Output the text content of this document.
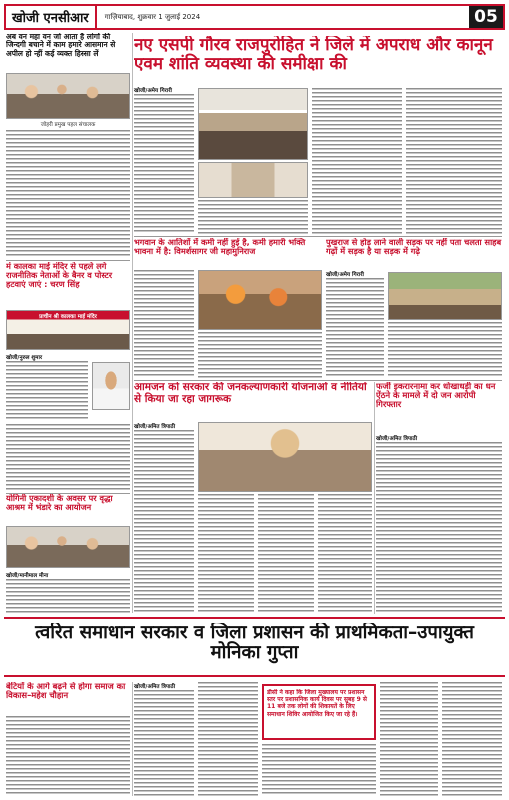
खोजी एनसीआर	गाज़ियाबाद, शुक्रवार 1 जुलाई 2024	05
अब वन महा वन जो आता है लोगों की जिन्दगी बचाने में काम हमारे आसमान से अपील हो न्हीं कई व्यक्त हिस्सा लें
जोहरी प्रमुख पहल संचालक
नए एसपी गौरव राजपुरोहित ने जिले में अपराध और कानून एवम शांति व्यवस्था की समीक्षा की
खोजी/अमेय गिरारी
भगवान के आतिशों में कमी नहीं हुई है, कमी हमारी भक्ति भावना में है: विमर्शसागर जी महामुनिराज
पुखराज से होड़ लाने वाली सड़क पर नहीं पता चलता साहब गढ़ों में सड़क है या सड़क में गढ़े
खोजी/अमेय गिरारी
मंं कालका माई मंदिर से पहले लगे राजनीतिक नेताओं के बैनर व पोस्टर हटवाएं जाएं : चरण सिंह
प्राचीन श्री कालका माई मंदिर
खोजी/नुरुल शुमार
योगिनी एकादशी के अवसर पर वृद्धा आश्रम में भंडारे का आयोजन
खोजी/मानीमाल मीना
आमजन को सरकार की जनकल्याणकारी योजनाओं व नीतियों से किया जा रहा जागरूक
खोजी/अमित त्रिपाठी
फर्जी इकरारनामा कर धोखाधड़ी का धन ऐंठने के मामले में दो जन आरोपी गिरफ्तार
खोजी/अमित त्रिपाठी
त्वरित समाधान सरकार व जिला प्रशासन की प्राथमिकता–उपायुक्त मोनिका गुप्ता
बेटियों के आगे बढ़ने से होगा समाज का विकास–महेश चौहान
खोजी/अमित त्रिपाठी
डीसी ने कहा कि जिला मुख्यालय पर प्रशासन स्तर पर प्रशासनिक कार्य दिवस पर सुबह 9 से 11 बजे तक लोगों की शिकायतें के लिए समाधान शिविर आयोजित किए जा रहे हैं।
